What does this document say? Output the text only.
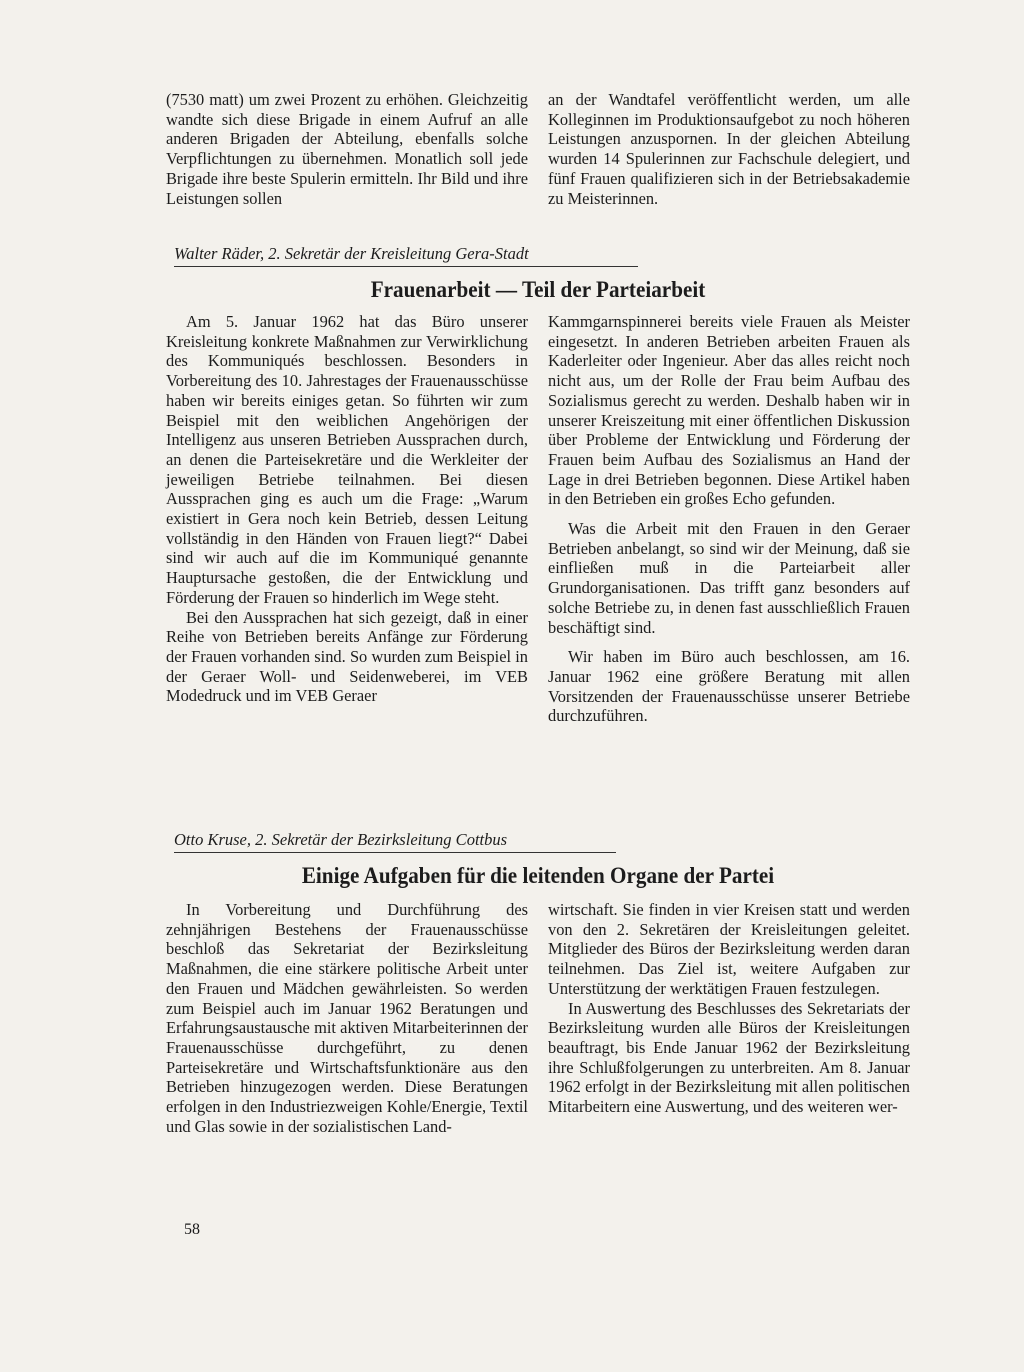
(7530 matt) um zwei Prozent zu erhöhen. Gleichzeitig wandte sich diese Brigade in einem Aufruf an alle anderen Brigaden der Abteilung, ebenfalls solche Verpflichtungen zu übernehmen. Monatlich soll jede Brigade ihre beste Spulerin ermitteln. Ihr Bild und ihre Leistungen sollen

an der Wandtafel veröffentlicht werden, um alle Kolleginnen im Produktionsaufgebot zu noch höheren Leistungen anzuspornen. In der gleichen Abteilung wurden 14 Spulerinnen zur Fachschule delegiert, und fünf Frauen qualifizieren sich in der Betriebsakademie zu Meisterinnen.

Walter Räder, 2. Sekretär der Kreisleitung Gera-Stadt
Frauenarbeit — Teil der Parteiarbeit

Am 5. Januar 1962 hat das Büro unserer Kreisleitung konkrete Maßnahmen zur Verwirklichung des Kommuniqués beschlossen. Besonders in Vorbereitung des 10. Jahrestages der Frauenausschüsse haben wir bereits einiges getan. So führten wir zum Beispiel mit den weiblichen Angehörigen der Intelligenz aus unseren Betrieben Aussprachen durch, an denen die Parteisekretäre und die Werkleiter der jeweiligen Betriebe teilnahmen. Bei diesen Aussprachen ging es auch um die Frage: „Warum existiert in Gera noch kein Betrieb, dessen Leitung vollständig in den Händen von Frauen liegt?“ Dabei sind wir auch auf die im Kommuniqué genannte Hauptursache gestoßen, die der Entwicklung und Förderung der Frauen so hinderlich im Wege steht.

Bei den Aussprachen hat sich gezeigt, daß in einer Reihe von Betrieben bereits Anfänge zur Förderung der Frauen vorhanden sind. So wurden zum Beispiel in der Geraer Woll- und Seidenweberei, im VEB Modedruck und im VEB Geraer

Kammgarnspinnerei bereits viele Frauen als Meister eingesetzt. In anderen Betrieben arbeiten Frauen als Kaderleiter oder Ingenieur. Aber das alles reicht noch nicht aus, um der Rolle der Frau beim Aufbau des Sozialismus gerecht zu werden. Deshalb haben wir in unserer Kreiszeitung mit einer öffentlichen Diskussion über Probleme der Entwicklung und Förderung der Frauen beim Aufbau des Sozialismus an Hand der Lage in drei Betrieben begonnen. Diese Artikel haben in den Betrieben ein großes Echo gefunden.

Was die Arbeit mit den Frauen in den Geraer Betrieben anbelangt, so sind wir der Meinung, daß sie einfließen muß in die Parteiarbeit aller Grundorganisationen. Das trifft ganz besonders auf solche Betriebe zu, in denen fast ausschließlich Frauen beschäftigt sind.

Wir haben im Büro auch beschlossen, am 16. Januar 1962 eine größere Beratung mit allen Vorsitzenden der Frauenausschüsse unserer Betriebe durchzuführen.

Otto Kruse, 2. Sekretär der Bezirksleitung Cottbus
Einige Aufgaben für die leitenden Organe der Partei

In Vorbereitung und Durchführung des zehnjährigen Bestehens der Frauenausschüsse beschloß das Sekretariat der Bezirksleitung Maßnahmen, die eine stärkere politische Arbeit unter den Frauen und Mädchen gewährleisten. So werden zum Beispiel auch im Januar 1962 Beratungen und Erfahrungsaustausche mit aktiven Mitarbeiterinnen der Frauenausschüsse durchgeführt, zu denen Parteisekretäre und Wirtschaftsfunktionäre aus den Betrieben hinzugezogen werden. Diese Beratungen erfolgen in den Industriezweigen Kohle/Energie, Textil und Glas sowie in der sozialistischen Land-

wirtschaft. Sie finden in vier Kreisen statt und werden von den 2. Sekretären der Kreisleitungen geleitet. Mitglieder des Büros der Bezirksleitung werden daran teilnehmen. Das Ziel ist, weitere Aufgaben zur Unterstützung der werktätigen Frauen festzulegen.

In Auswertung des Beschlusses des Sekretariats der Bezirksleitung wurden alle Büros der Kreisleitungen beauftragt, bis Ende Januar 1962 der Bezirksleitung ihre Schlußfolgerungen zu unterbreiten. Am 8. Januar 1962 erfolgt in der Bezirksleitung mit allen politischen Mitarbeitern eine Auswertung, und des weiteren wer-

58
